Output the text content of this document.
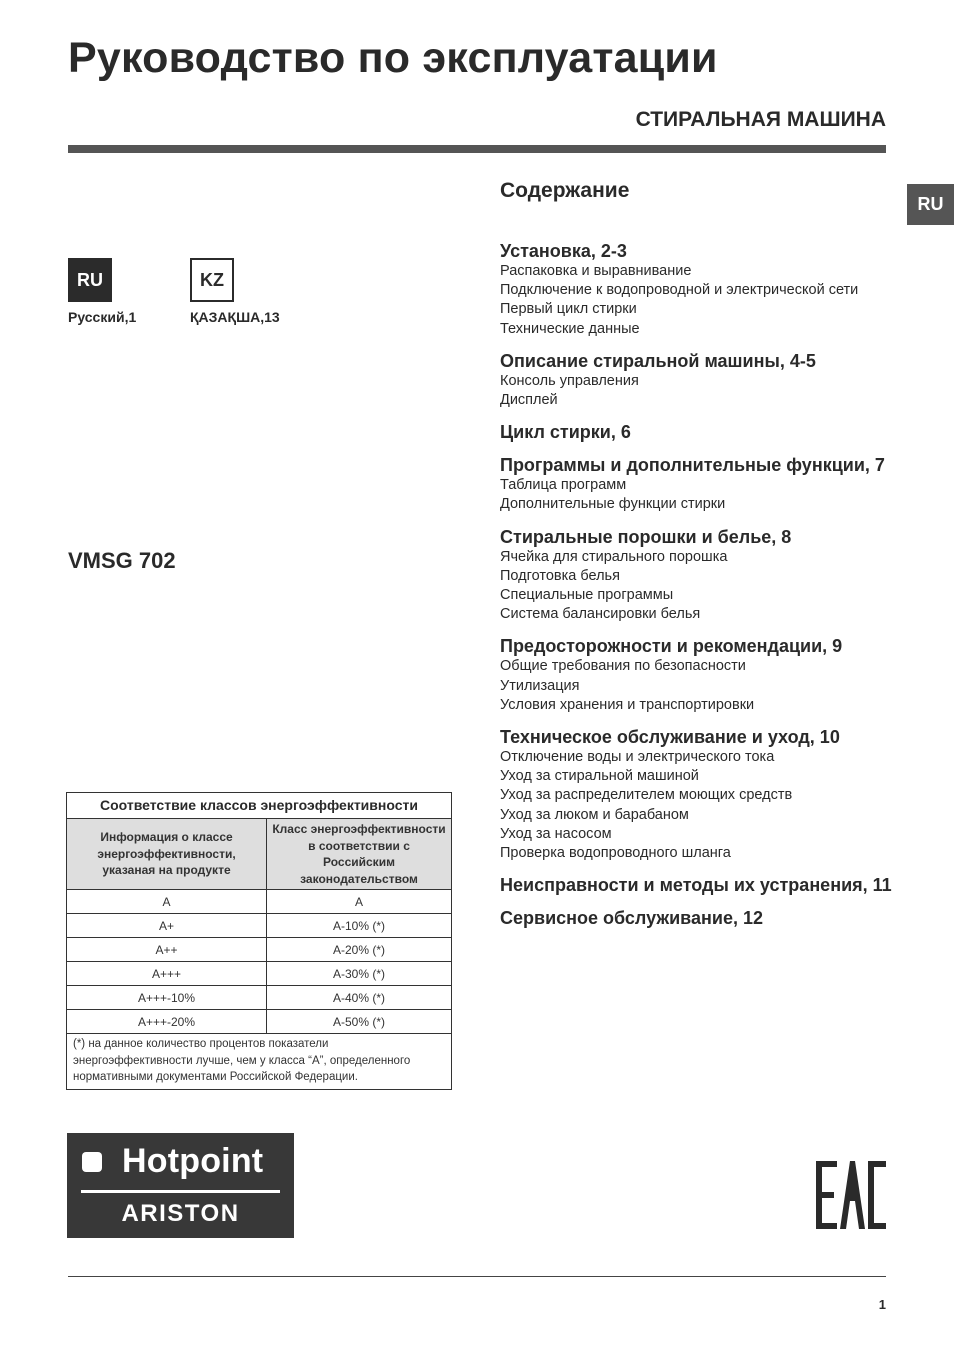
Руководство по эксплуатации
СТИРАЛЬНАЯ МАШИНА
RU
RU	KZ
Русский,1	ҚАЗАҚША,13
VMSG 702
Содержание
Установка, 2-3
Распаковка и выравнивание
Подключение к водопроводной и электрической сети
Первый цикл стирки
Технические данные
Описание стиральной машины, 4-5
Консоль управления
Дисплей
Цикл стирки, 6
Программы и дополнительные функции, 7
Таблица программ
Дополнительные функции стирки
Стиральные порошки и белье, 8
Ячейка для стирального порошка
Подготовка белья
Специальные программы
Система балансировки белья
Предосторожности и рекомендации, 9
Общие требования по безопасности
Утилизация
Условия хранения и транспортировки
Техническое обслуживание и уход, 10
Отключение воды и электрического тока
Уход за стиральной машиной
Уход за распределителем моющих средств
Уход за люком и барабаном
Уход за насосом
Проверка водопроводного шланга
Неисправности и методы их устранения, 11
Сервисное обслуживание, 12
Соответствие классов энергоэффективности
Информация о классе энергоэффективности, указаная на продукте	Класс энергоэффективности в соответствии с Российским законодательством
A	A
A+	A-10% (*)
A++	A-20% (*)
A+++	A-30% (*)
A+++-10%	A-40% (*)
A+++-20%	A-50% (*)
(*) на данное количество процентов показатели энергоэффективности лучше, чем у класса “A”, определенного нормативными документами Российской Федерации.
Hotpoint
ARISTON
1
